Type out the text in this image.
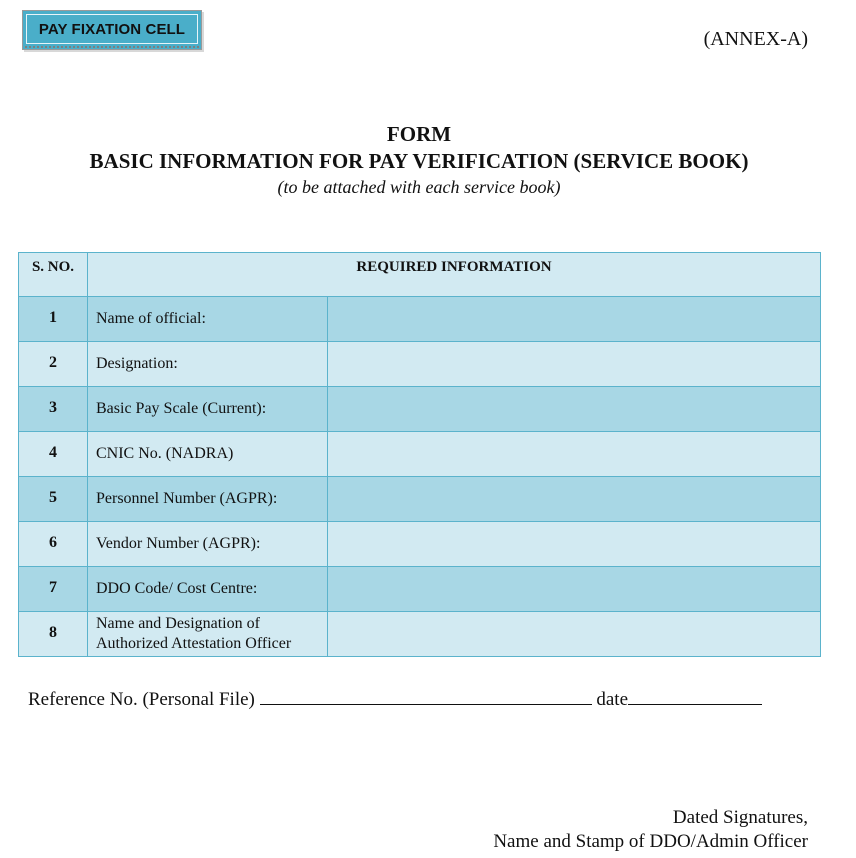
PAY FIXATION CELL	(ANNEX-A)
FORM
BASIC INFORMATION FOR PAY VERIFICATION (SERVICE BOOK)
(to be attached with each service book)
S. NO.	REQUIRED INFORMATION	
1	Name of official:	
2	Designation:	
3	Basic Pay Scale (Current):	
4	CNIC No. (NADRA)	
5	Personnel Number (AGPR):	
6	Vendor Number (AGPR):	
7	DDO Code/ Cost Centre:	
8	Name and Designation of Authorized Attestation Officer	
Reference No. (Personal File)	date
Dated Signatures,
Name and Stamp of DDO/Admin Officer
